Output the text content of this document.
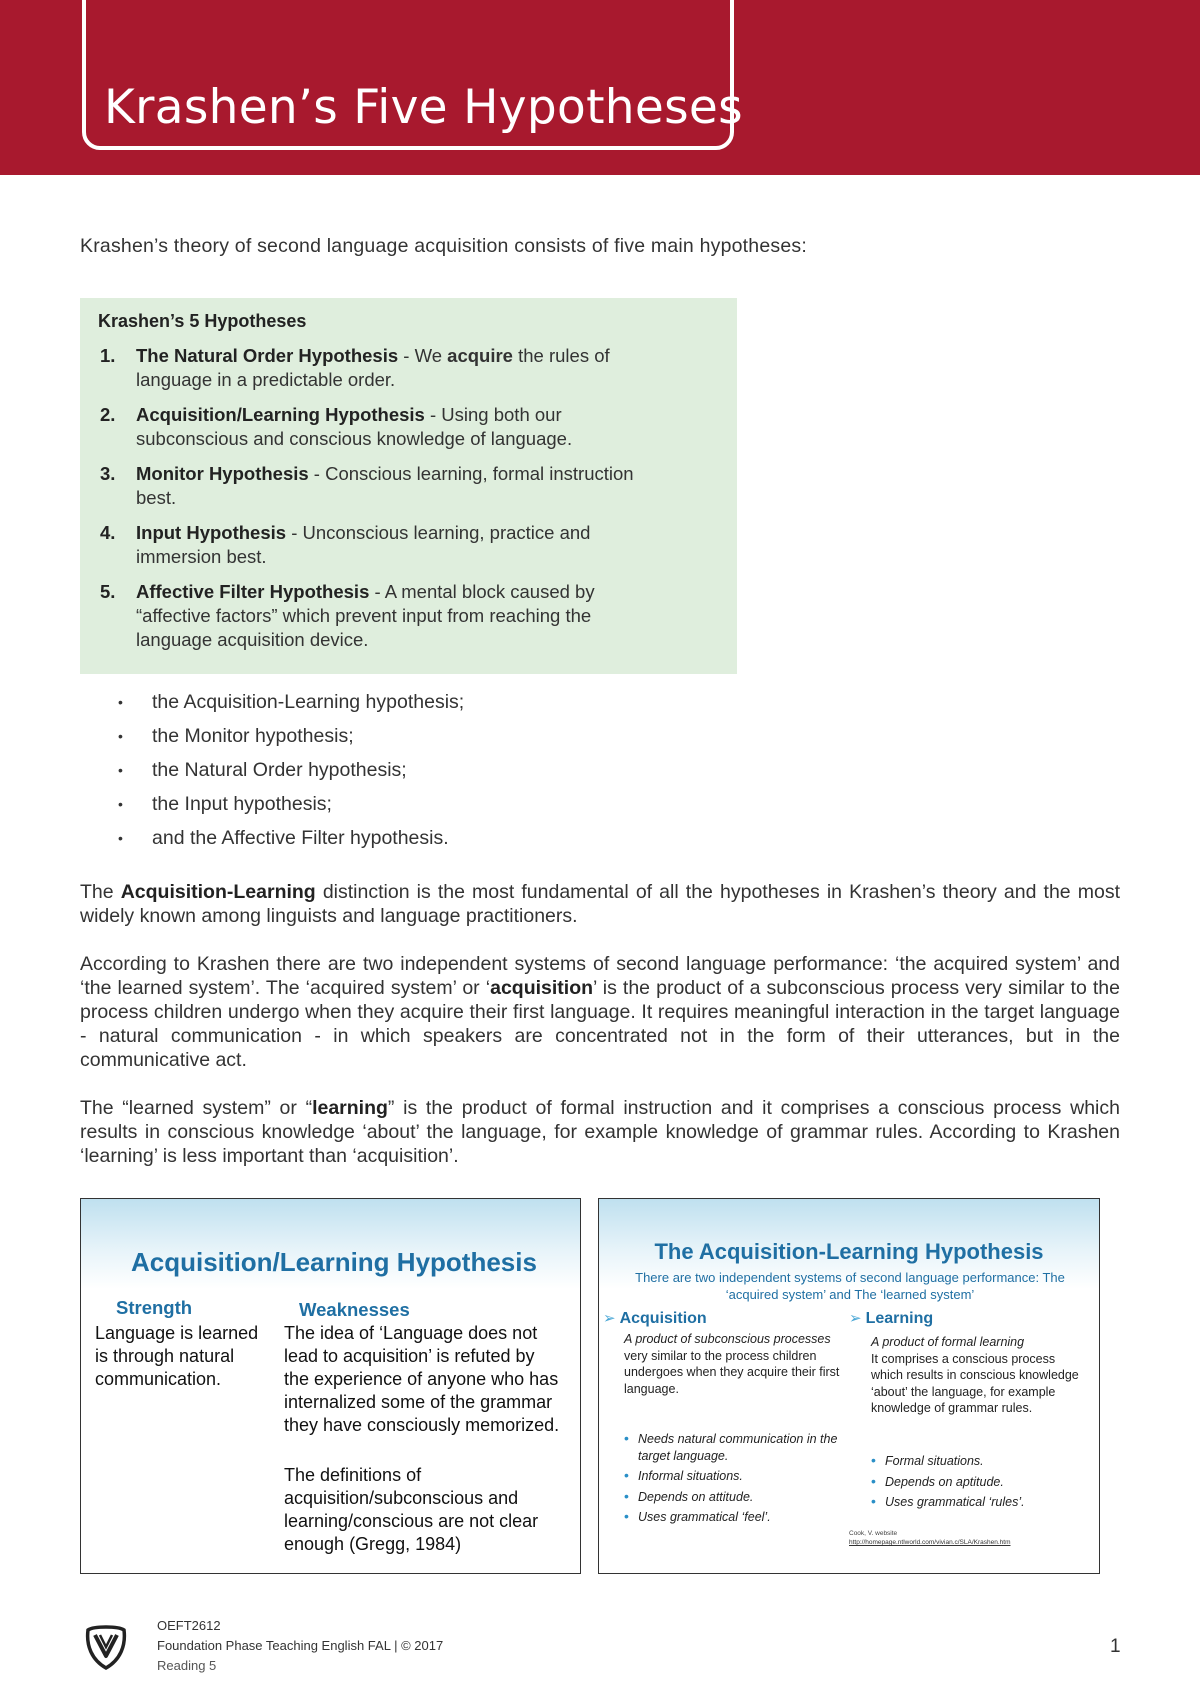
Krashen’s Five Hypotheses
Krashen’s theory of second language acquisition consists of five main hypotheses:
Krashen’s 5 Hypotheses
1. The Natural Order Hypothesis - We acquire the rules of language in a predictable order.
2. Acquisition/Learning Hypothesis - Using both our subconscious and conscious knowledge of language.
3. Monitor Hypothesis - Conscious learning, formal instruction best.
4. Input Hypothesis - Unconscious learning, practice and immersion best.
5. Affective Filter Hypothesis - A mental block caused by “affective factors” which prevent input from reaching the language acquisition device.
• the Acquisition-Learning hypothesis;
• the Monitor hypothesis;
• the Natural Order hypothesis;
• the Input hypothesis;
• and the Affective Filter hypothesis.

The Acquisition-Learning distinction is the most fundamental of all the hypotheses in Krashen’s theory and the most widely known among linguists and language practitioners.

According to Krashen there are two independent systems of second language performance: ‘the acquired system’ and ‘the learned system’. The ‘acquired system’ or ‘acquisition’ is the product of a subconscious process very similar to the process children undergo when they acquire their first language. It requires meaningful interaction in the target language - natural communication - in which speakers are concentrated not in the form of their utterances, but in the communicative act.

The “learned system” or “learning” is the product of formal instruction and it comprises a conscious process which results in conscious knowledge ‘about’ the language, for example knowledge of grammar rules. According to Krashen ‘learning’ is less important than ‘acquisition’.

Acquisition/Learning Hypothesis
Strength	Weaknesses
Language is learned is through natural communication.
The idea of ‘Language does not lead to acquisition’ is refuted by the experience of anyone who has internalized some of the grammar they have consciously memorized.
The definitions of acquisition/subconscious and learning/conscious are not clear enough (Gregg, 1984)
The Acquisition-Learning Hypothesis
There are two independent systems of second language performance: The ‘acquired system’ and The ‘learned system’
➢ Acquisition
A product of subconscious processes very similar to the process children undergoes when they acquire their first language.
• Needs natural communication in the target language.
• Informal situations.
• Depends on attitude.
• Uses grammatical ‘feel’.
➢ Learning
A product of formal learning
It comprises a conscious process which results in conscious knowledge ‘about’ the language, for example knowledge of grammar rules.
• Formal situations.
• Depends on aptitude.
• Uses grammatical ‘rules’.
Cook, V. website
http://homepage.ntlworld.com/vivian.c/SLA/Krashen.htm
OEFT2612
Foundation Phase Teaching English FAL | © 2017
Reading 5
1
